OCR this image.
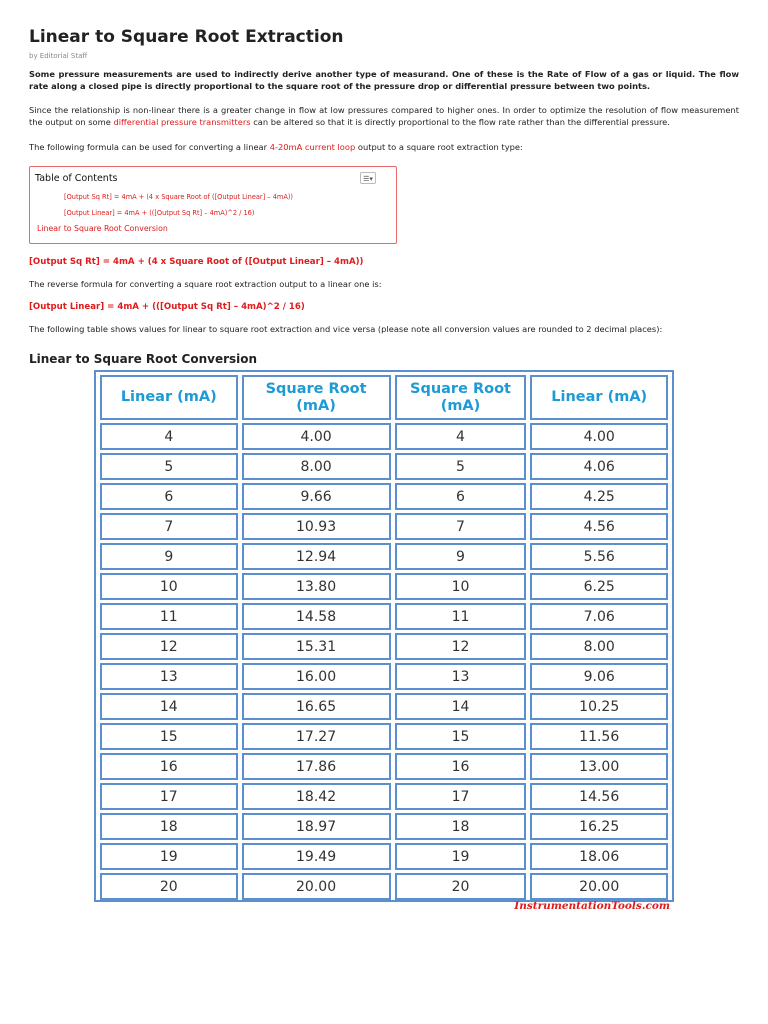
Linear to Square Root Extraction
by Editorial Staff

Some pressure measurements are used to indirectly derive another type of measurand. One of these is the Rate of Flow of a gas or liquid. The flow rate along a closed pipe is directly proportional to the square root of the pressure drop or differential pressure between two points.

Since the relationship is non-linear there is a greater change in flow at low pressures compared to higher ones. In order to optimize the resolution of flow measurement the output on some differential pressure transmitters can be altered so that it is directly proportional to the flow rate rather than the differential pressure.

The following formula can be used for converting a linear 4-20mA current loop output to a square root extraction type:

Table of Contents	☰▾
[Output Sq Rt] = 4mA + (4 x Square Root of ([Output Linear] – 4mA))
[Output Linear] = 4mA + (([Output Sq Rt] – 4mA)^2 / 16)
Linear to Square Root Conversion
[Output Sq Rt] = 4mA + (4 x Square Root of ([Output Linear] – 4mA))

The reverse formula for converting a square root extraction output to a linear one is:

[Output Linear] = 4mA + (([Output Sq Rt] – 4mA)^2 / 16)

The following table shows values for linear to square root extraction and vice versa (please note all conversion values are rounded to 2 decimal places):

Linear to Square Root Conversion
Linear (mA)	Square Root (mA)	Square Root (mA)	Linear (mA)
4	4.00	4	4.00
5	8.00	5	4.06
6	9.66	6	4.25
7	10.93	7	4.56
9	12.94	9	5.56
10	13.80	10	6.25
11	14.58	11	7.06
12	15.31	12	8.00
13	16.00	13	9.06
14	16.65	14	10.25
15	17.27	15	11.56
16	17.86	16	13.00
17	18.42	17	14.56
18	18.97	18	16.25
19	19.49	19	18.06
20	20.00	20	20.00
InstrumentationTools.com
